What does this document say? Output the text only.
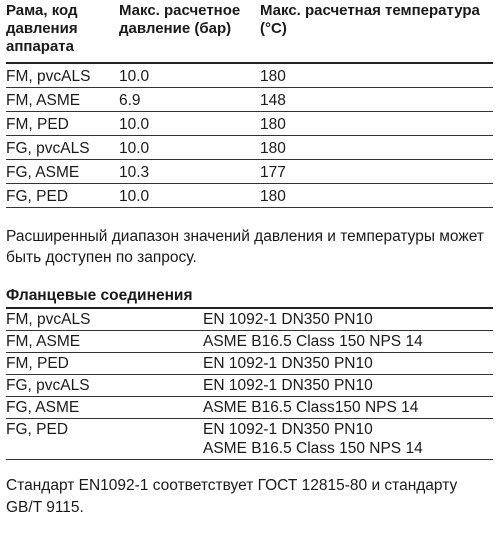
Рама, код давления аппарата	Макс. расчетное давление (бар)	Макс. расчетная температура (°C)
FM, pvcALS	10.0	180
FM, ASME	6.9	148
FM, PED	10.0	180
FG, pvcALS	10.0	180
FG, ASME	10.3	177
FG, PED	10.0	180

Расширенный диапазон значений давления и температуры может быть доступен по запросу.

Фланцевые соединения
FM, pvcALS	EN 1092-1 DN350 PN10

FM, ASME	ASME B16.5 Class 150 NPS 14

FM, PED	EN 1092-1 DN350 PN10

FG, pvcALS	EN 1092-1 DN350 PN10

FG, ASME	ASME B16.5 Class150 NPS 14

FG, PED	EN 1092-1 DN350 PN10
ASME B16.5 Class 150 NPS 14

Стандарт EN1092-1 соответствует ГОСТ 12815-80 и стандарту GB/T 9115.
